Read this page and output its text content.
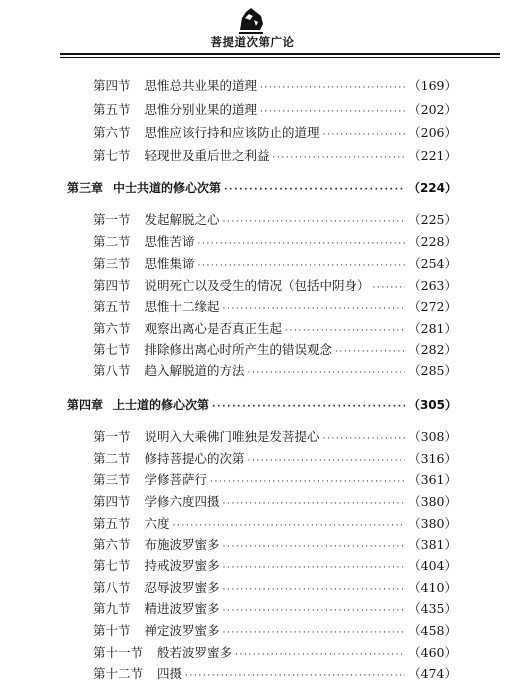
菩提道次第广论
第四节 思惟总共业果的道理 ·····	（169）
第五节 思惟分别业果的道理 ·····	（202）
第六节 思惟应该行持和应该防止的道理 ·····	（206）
第七节 轻现世及重后世之利益 ·····	（221）
第三章 中士共道的修心次第 ·····	（224）
第一节 发起解脱之心 ·····	（225）
第二节 思惟苦谛 ·····	（228）
第三节 思惟集谛 ·····	（254）
第四节 说明死亡以及受生的情况（包括中阴身） ·····	（263）
第五节 思惟十二缘起 ·····	（272）
第六节 观察出离心是否真正生起 ·····	（281）
第七节 排除修出离心时所产生的错误观念 ·····	（282）
第八节 趋入解脱道的方法 ·····	（285）
第四章 上士道的修心次第 ·····	（305）
第一节 说明入大乘佛门唯独是发菩提心 ·····	（308）
第二节 修持菩提心的次第 ·····	（316）
第三节 学修菩萨行 ·····	（361）
第四节 学修六度四摄 ·····	（380）
第五节 六度 ·····	（380）
第六节 布施波罗蜜多 ·····	（381）
第七节 持戒波罗蜜多 ·····	（404）
第八节 忍辱波罗蜜多 ·····	（410）
第九节 精进波罗蜜多 ·····	（435）
第十节 禅定波罗蜜多 ·····	（458）
第十一节 般若波罗蜜多 ·····	（460）
第十二节 四摄 ·····	（474）
